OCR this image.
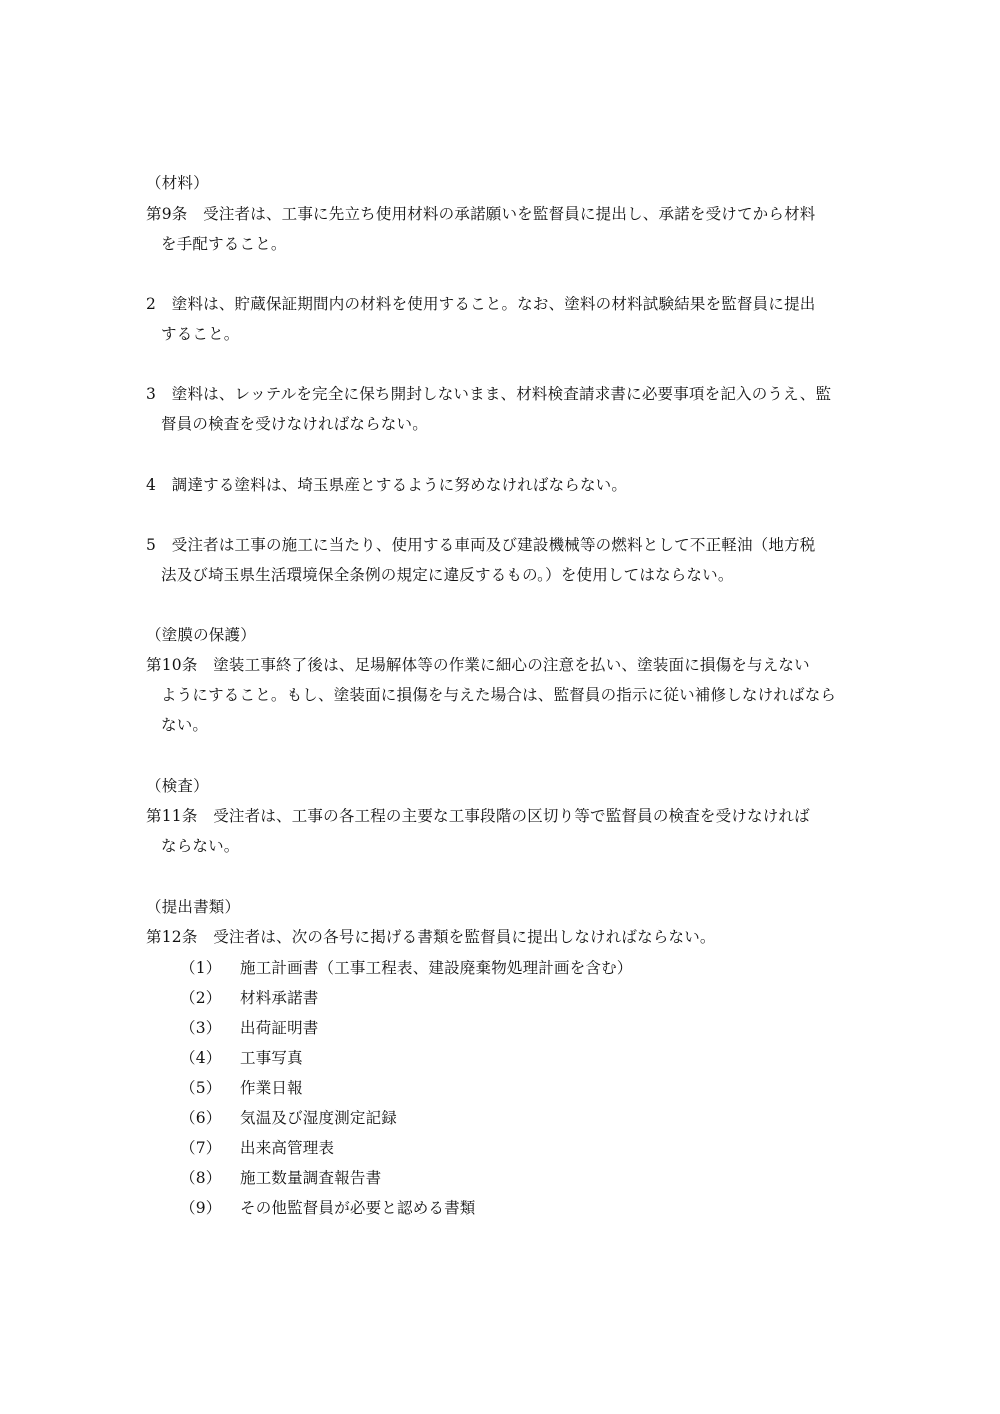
（材料）
第9条　受注者は、工事に先立ち使用材料の承諾願いを監督員に提出し、承諾を受けてから材料
を手配すること。
2　塗料は、貯蔵保証期間内の材料を使用すること。なお、塗料の材料試験結果を監督員に提出
すること。
3　塗料は、レッテルを完全に保ち開封しないまま、材料検査請求書に必要事項を記入のうえ、監
督員の検査を受けなければならない。
4　調達する塗料は、埼玉県産とするように努めなければならない。
5　受注者は工事の施工に当たり、使用する車両及び建設機械等の燃料として不正軽油（地方税
法及び埼玉県生活環境保全条例の規定に違反するもの。）を使用してはならない。
（塗膜の保護）
第10条　塗装工事終了後は、足場解体等の作業に細心の注意を払い、塗装面に損傷を与えない
ようにすること。もし、塗装面に損傷を与えた場合は、監督員の指示に従い補修しなければなら
ない。
（検査）
第11条　受注者は、工事の各工程の主要な工事段階の区切り等で監督員の検査を受けなければ
ならない。
（提出書類）
第12条　受注者は、次の各号に掲げる書類を監督員に提出しなければならない。
（1） 施工計画書（工事工程表、建設廃棄物処理計画を含む）
（2） 材料承諾書
（3） 出荷証明書
（4） 工事写真
（5） 作業日報
（6） 気温及び湿度測定記録
（7） 出来高管理表
（8） 施工数量調査報告書
（9） その他監督員が必要と認める書類
